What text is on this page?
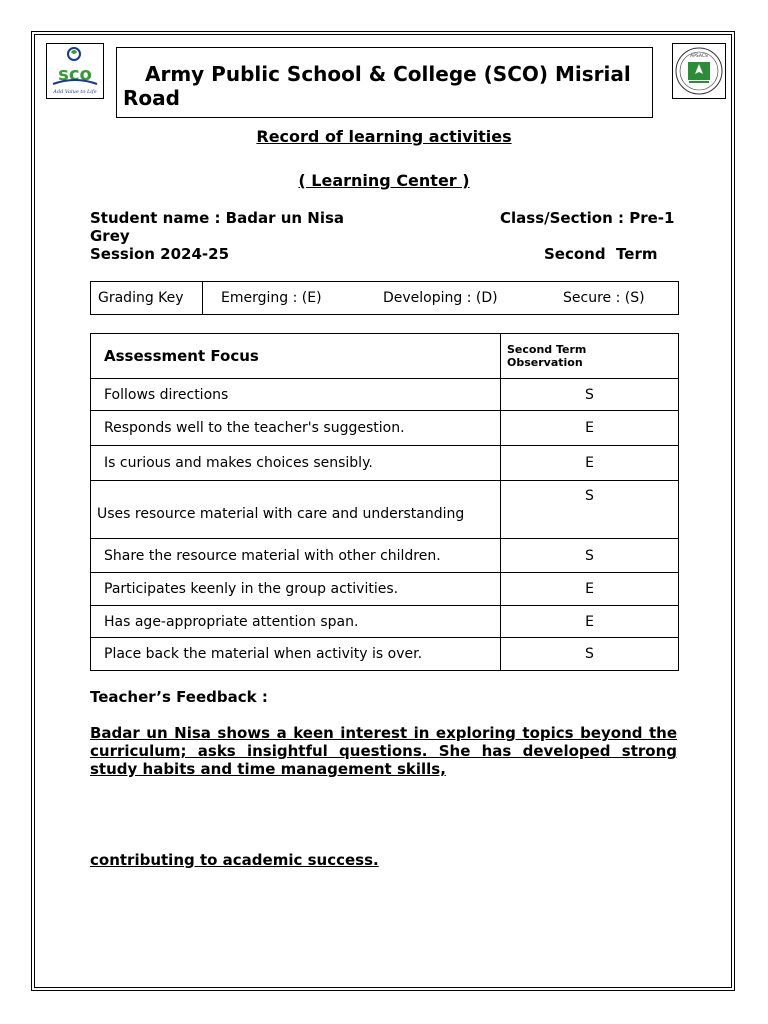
sco
Add Value to Life
Army Public School & College (SCO) Misrial
Road
APSACS
Record of learning activities
( Learning Center )
Student name : Badar un Nisa
Grey
Class/Section : Pre-1
Session 2024-25	Second  Term
Grading Key	Emerging : (E)	Developing : (D)	Secure : (S)
Assessment Focus	Second Term
Observation
Follows directions	S
Responds well to the teacher's suggestion.	E
Is curious and makes choices sensibly.	E
Uses resource material with care and understanding	S
Share the resource material with other children.	S
Participates keenly in the group activities.	E
Has age-appropriate attention span.	E
Place back the material when activity is over.	S
Teacher’s Feedback :
Badar un Nisa shows a keen interest in exploring topics beyond the curriculum; asks insightful questions. She has developed strong study habits and time management skills,
contributing to academic success.
